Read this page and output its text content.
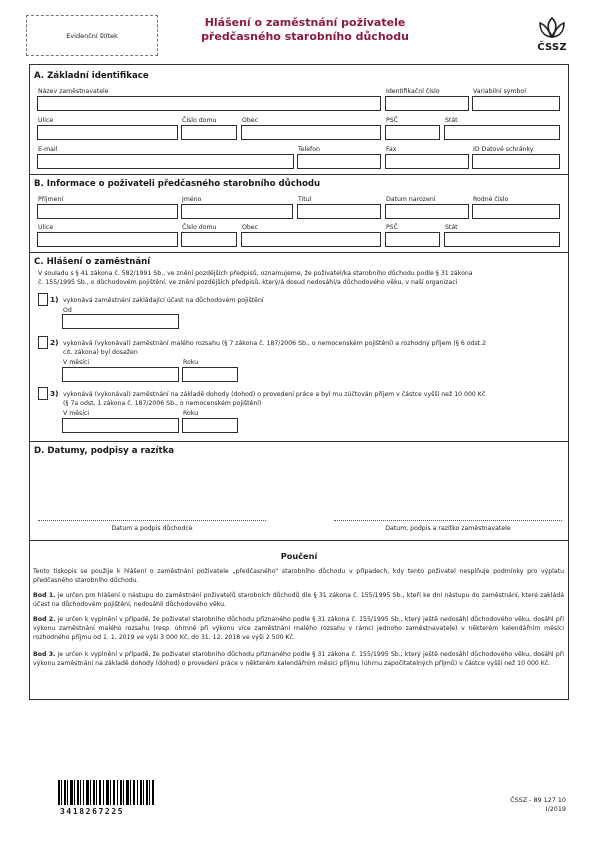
Evidenční štítek
Hlášení o zaměstnání poživatele
předčasného starobního důchodu
ČSSZ
A. Základní identifikace
Název zaměstnavatele	Identifikační číslo	Variabilní symbol
Ulice	Číslo domu	Obec	PSČ	Stát
E-mail	Telefon	Fax	ID Datové schránky
B. Informace o poživateli předčasného starobního důchodu
Příjmení	Jméno	Titul	Datum narození	Rodné číslo
Ulice	Číslo domu	Obec	PSČ	Stát
C. Hlášení o zaměstnání
V souladu s § 41 zákona č. 582/1991 Sb., ve znění pozdějších předpisů, oznamujeme, že poživatel/ka starobního důchodu podle § 31 zákona
č. 155/1995 Sb., o důchodovém pojištění, ve znění pozdějších předpisů, který/á dosud nedosáhl/a důchodového věku, v naší organizaci
1) vykonává zaměstnání zakládající účast na důchodovém pojištění
Od
2) vykonává (vykonával) zaměstnání malého rozsahu (§ 7 zákona č. 187/2006 Sb., o nemocenském pojištění) a rozhodný příjem (§ 6 odst.2
cit. zákona) byl dosažen
V měsíci	Roku
3) vykonává (vykonával) zaměstnání na základě dohody (dohod) o provedení práce a byl mu zúčtován příjem v částce vyšší než 10 000 Kč
(§ 7a odst. 1 zákona č. 187/2006 Sb., o nemocenském pojištění)
V měsíci	Roku
D. Datumy, podpisy a razítka
Datum a podpis důchodce	Datum, podpis a razítko zaměstnavatele
Poučení
Tento tiskopis se použije k hlášení o zaměstnání poživatele „předčasného“ starobního důchodu v případech, kdy tento poživatel nesplňuje podmínky pro výplatu předčasného starobního důchodu.
Bod 1. je určen pro hlášení o nástupu do zaměstnání poživatelů starobních důchodů dle § 31 zákona č. 155/1995 Sb., kteří ke dni nástupu do zaměstnání, které zakládá účast na důchodovém pojištění, nedosáhli důchodového věku.
Bod 2. je určen k vyplnění v případě, že poživatel starobního důchodu přiznaného podle § 31 zákona č. 155/1995 Sb., který ještě nedosáhl důchodového věku, dosáhl při výkonu zaměstnání malého rozsahu (resp. úhrnně při výkonu více zaměstnání malého rozsahu v rámci jednoho zaměstnavatele) v některém kalendářním měsíci rozhodného příjmu od 1. 1. 2019 ve výši 3 000 Kč, do 31. 12. 2018 ve výši 2 500 Kč.
Bod 3. je určen k vyplnění v případě, že poživatel starobního důchodu přiznaného podle § 31 zákona č. 155/1995 Sb., který ještě nedosáhl důchodového věku, dosáhl při výkonu zaměstnání na základě dohody (dohod) o provedení práce v některém kalendářním měsíci příjmu (úhrnu započitatelných příjmů) v částce vyšší než 10 000 Kč.
3418267225
ČSSZ - 89 127 10
I/2019
